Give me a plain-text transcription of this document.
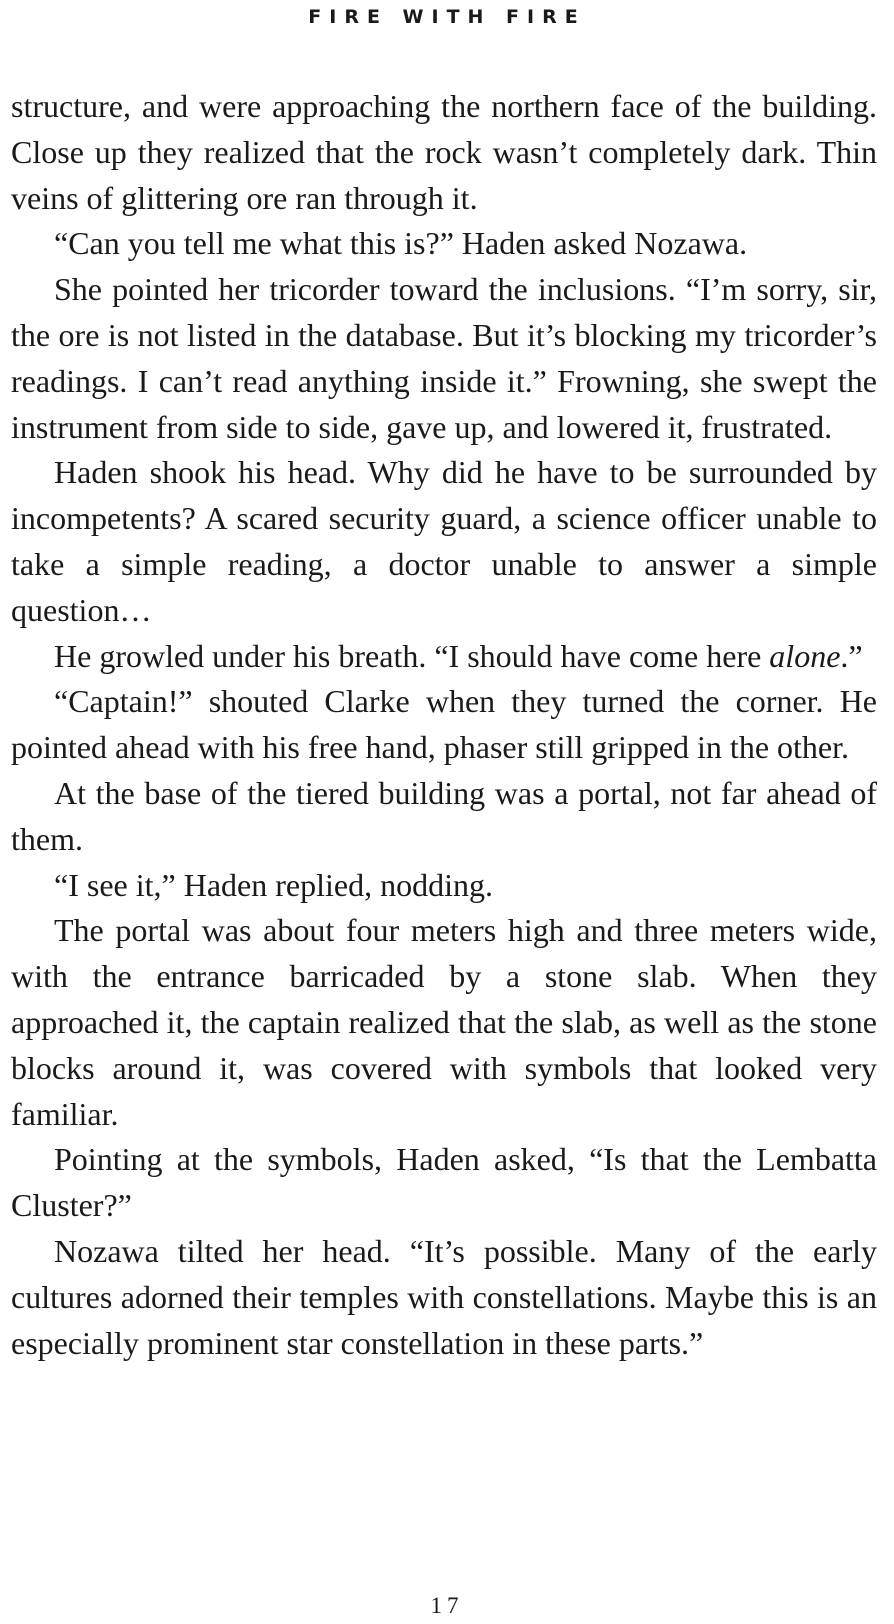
FIRE WITH FIRE

structure, and were approaching the northern face of the building. Close up they realized that the rock wasn’t completely dark. Thin veins of glittering ore ran through it.

“Can you tell me what this is?” Haden asked Nozawa.

She pointed her tricorder toward the inclusions. “I’m sorry, sir, the ore is not listed in the database. But it’s blocking my tricorder’s readings. I can’t read anything inside it.” Frowning, she swept the instrument from side to side, gave up, and lowered it, frustrated.

Haden shook his head. Why did he have to be surrounded by incompetents? A scared security guard, a science officer unable to take a simple reading, a doctor unable to answer a simple question…

He growled under his breath. “I should have come here alone.”

“Captain!” shouted Clarke when they turned the corner. He pointed ahead with his free hand, phaser still gripped in the other.

At the base of the tiered building was a portal, not far ahead of them.

“I see it,” Haden replied, nodding.

The portal was about four meters high and three meters wide, with the entrance barricaded by a stone slab. When they approached it, the captain realized that the slab, as well as the stone blocks around it, was covered with symbols that looked very familiar.

Pointing at the symbols, Haden asked, “Is that the Lembatta Cluster?”

Nozawa tilted her head. “It’s possible. Many of the early cultures adorned their temples with constellations. Maybe this is an especially prominent star constellation in these parts.”

17
